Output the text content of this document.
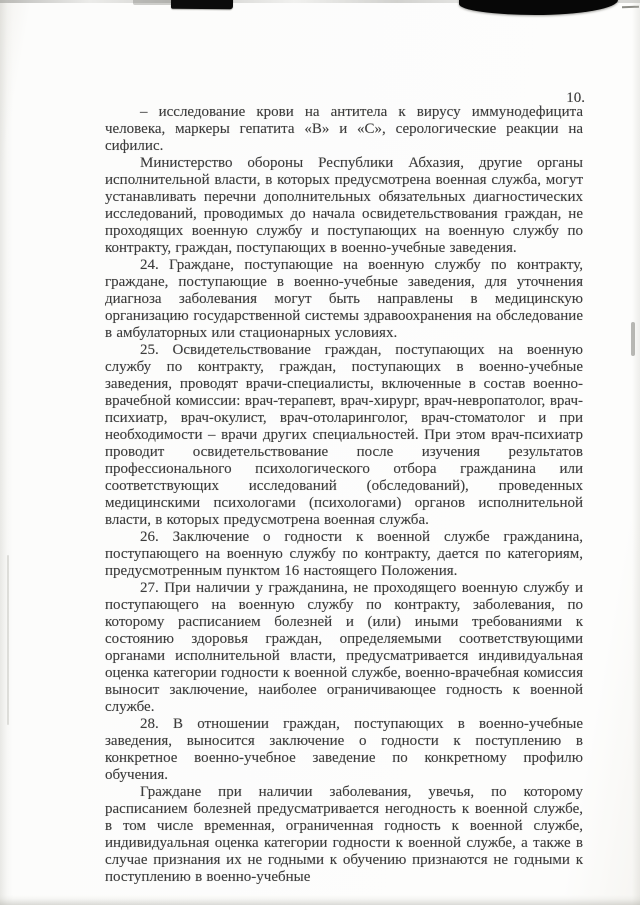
10.

– исследование крови на антитела к вирусу иммунодефицита человека, маркеры гепатита «В» и «С», серологические реакции на сифилис.

Министерство обороны Республики Абхазия, другие органы исполнительной власти, в которых предусмотрена военная служба, могут устанавливать перечни дополнительных обязательных диагностических исследований, проводимых до начала освидетельствования граждан, не проходящих военную службу и поступающих на военную службу по контракту, граждан, поступающих в военно-учебные заведения.

24. Граждане, поступающие на военную службу по контракту, граждане, поступающие в военно-учебные заведения, для уточнения диагноза заболевания могут быть направлены в медицинскую организацию государственной системы здравоохранения на обследование в амбулаторных или стационарных условиях.

25. Освидетельствование граждан, поступающих на военную службу по контракту, граждан, поступающих в военно-учебные заведения, проводят врачи-специалисты, включенные в состав военно-врачебной комиссии: врач-терапевт, врач-хирург, врач-невропатолог, врач-психиатр, врач-окулист, врач-отоларинголог, врач-стоматолог и при необходимости – врачи других специальностей. При этом врач-психиатр проводит освидетельствование после изучения результатов профессионального психологического отбора гражданина или соответствующих исследований (обследований), проведенных медицинскими психологами (психологами) органов исполнительной власти, в которых предусмотрена военная служба.

26. Заключение о годности к военной службе гражданина, поступающего на военную службу по контракту, дается по категориям, предусмотренным пунктом 16 настоящего Положения.

27. При наличии у гражданина, не проходящего военную службу и поступающего на военную службу по контракту, заболевания, по которому расписанием болезней и (или) иными требованиями к состоянию здоровья граждан, определяемыми соответствующими органами исполнительной власти, предусматривается индивидуальная оценка категории годности к военной службе, военно-врачебная комиссия выносит заключение, наиболее ограничивающее годность к военной службе.

28. В отношении граждан, поступающих в военно-учебные заведения, выносится заключение о годности к поступлению в конкретное военно-учебное заведение по конкретному профилю обучения.

Граждане при наличии заболевания, увечья, по которому расписанием болезней предусматривается негодность к военной службе, в том числе временная, ограниченная годность к военной службе, индивидуальная оценка категории годности к военной службе, а также в случае признания их не годными к обучению признаются не годными к поступлению в военно-учебные
